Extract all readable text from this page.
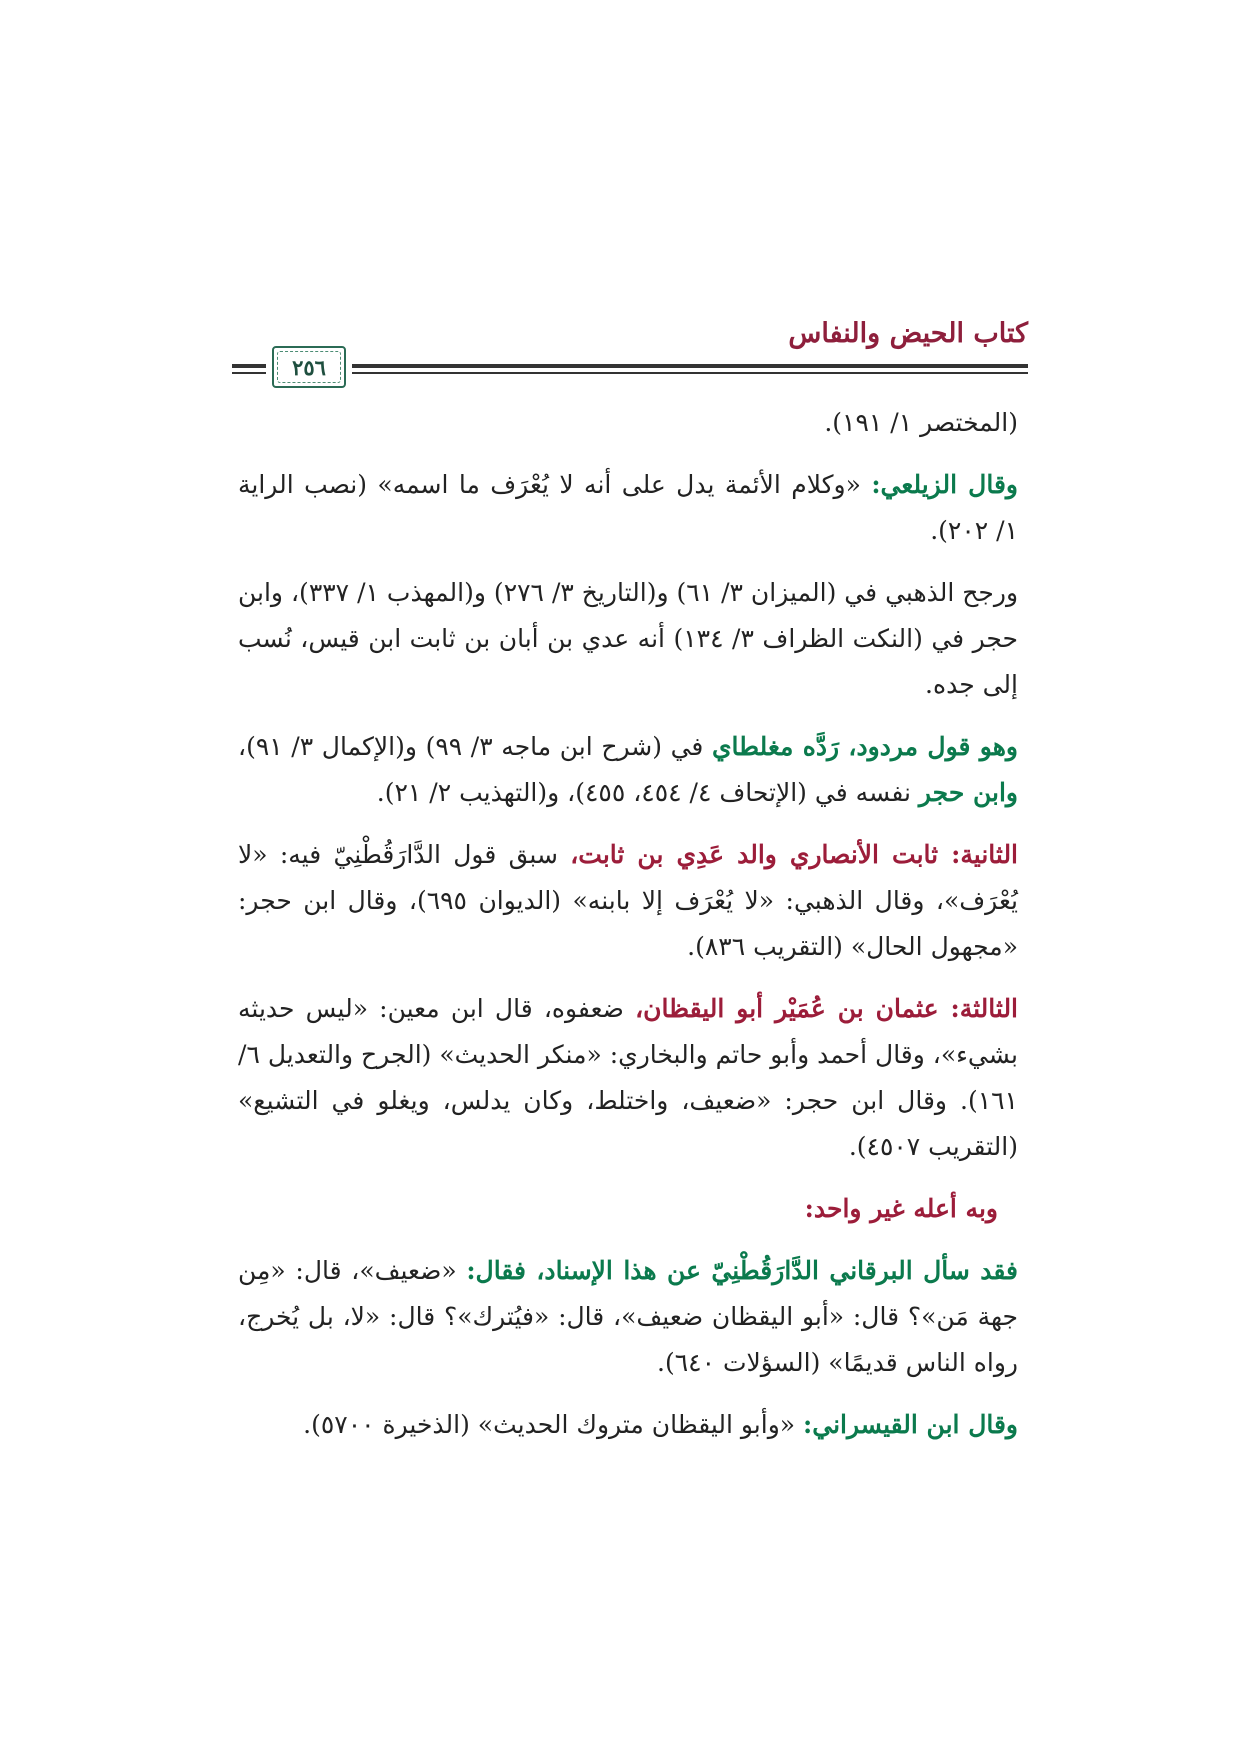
كتاب الحيض والنفاس
٢٥٦

(المختصر ١/ ١٩١).

وقال الزيلعي: «وكلام الأئمة يدل على أنه لا يُعْرَف ما اسمه» (نصب الراية ١/ ٢٠٢).

ورجح الذهبي في (الميزان ٣/ ٦١) و(التاريخ ٣/ ٢٧٦) و(المهذب ١/ ٣٣٧)، وابن حجر في (النكت الظراف ٣/ ١٣٤) أنه عدي بن أبان بن ثابت ابن قيس، نُسب إلى جده.

وهو قول مردود، رَدَّه مغلطاي في (شرح ابن ماجه ٣/ ٩٩) و(الإكمال ٣/ ٩١)، وابن حجر نفسه في (الإتحاف ٤/ ٤٥٤، ٤٥٥)، و(التهذيب ٢/ ٢١).

الثانية: ثابت الأنصاري والد عَدِي بن ثابت، سبق قول الدَّارَقُطْنِيّ فيه: «لا يُعْرَف»، وقال الذهبي: «لا يُعْرَف إلا بابنه» (الديوان ٦٩٥)، وقال ابن حجر: «مجهول الحال» (التقريب ٨٣٦).

الثالثة: عثمان بن عُمَيْر أبو اليقظان، ضعفوه، قال ابن معين: «ليس حديثه بشيء»، وقال أحمد وأبو حاتم والبخاري: «منكر الحديث» (الجرح والتعديل ٦/ ١٦١). وقال ابن حجر: «ضعيف، واختلط، وكان يدلس، ويغلو في التشيع» (التقريب ٤٥٠٧).

وبه أعله غير واحد:

فقد سأل البرقاني الدَّارَقُطْنِيّ عن هذا الإسناد، فقال: «ضعيف»، قال: «مِن جهة مَن»؟ قال: «أبو اليقظان ضعيف»، قال: «فيُترك»؟ قال: «لا، بل يُخرج، رواه الناس قديمًا» (السؤلات ٦٤٠).

وقال ابن القيسراني: «وأبو اليقظان متروك الحديث» (الذخيرة ٥٧٠٠).
